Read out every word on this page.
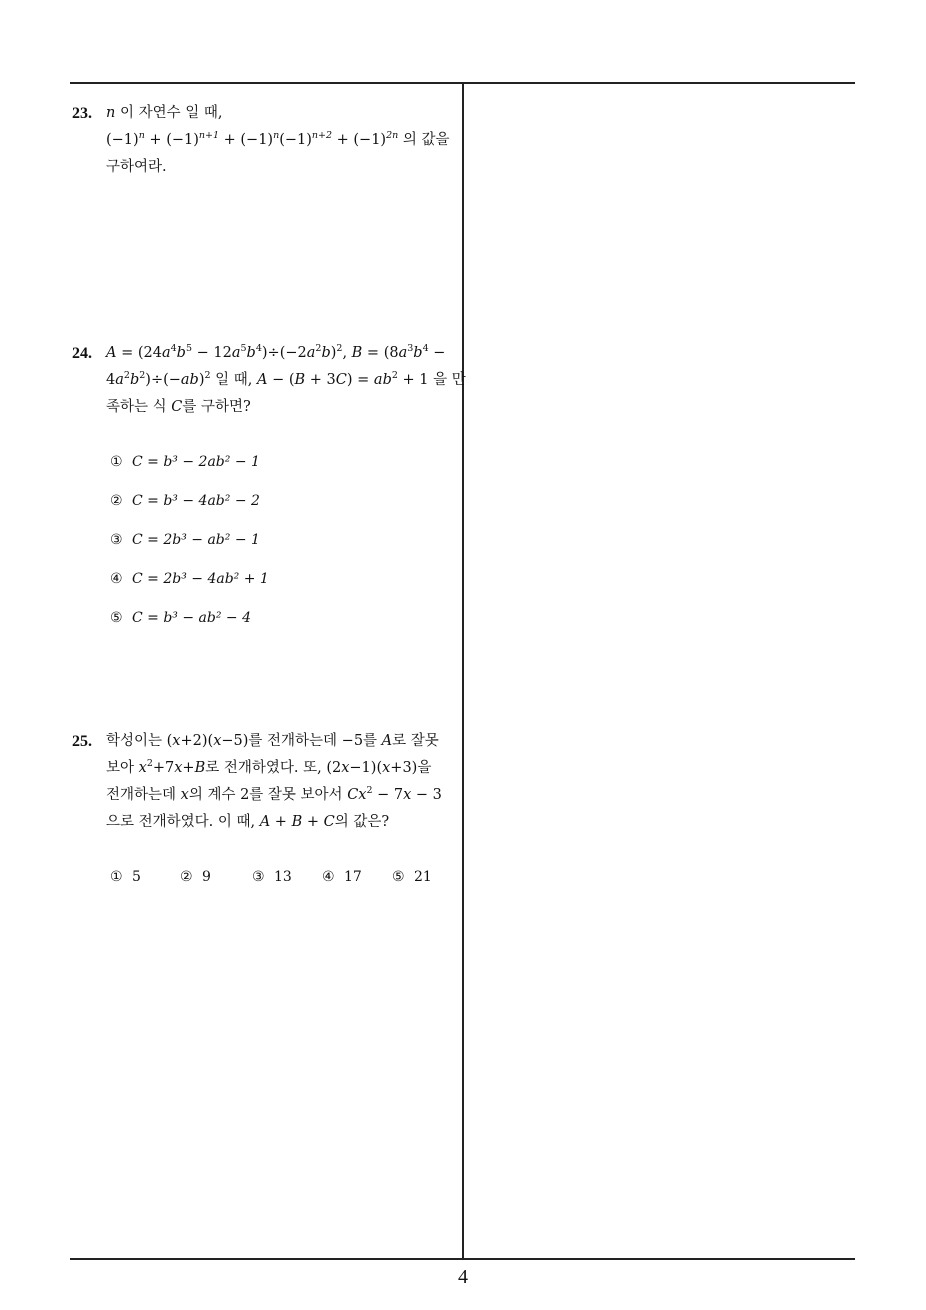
23. n 이 자연수 일 때,
$(-1)^n + (-1)^{n+1} + (-1)^n(-1)^{n+2} + (-1)^{2n}$ 의 값을
구하여라.
24. $A = (24a^4b^5 - 12a^5b^4)\div(-2a^2b)^2$, $B = (8a^3b^4$ −
$4a^2b^2)\div(-ab)^2$ 일 때, $A - (B + 3C) = ab^2 + 1$ 을 만
족하는 식 C를 구하면?
① C = b³ − 2ab² − 1
② C = b³ − 4ab² − 2
③ C = 2b³ − ab² − 1
④ C = 2b³ − 4ab² + 1
⑤ C = b³ − ab² − 4
25. 학성이는 (x+2)(x−5)를 전개하는데 −5를 A로 잘못
보아 $x^2+7x+B$로 전개하였다. 또, (2x−1)(x+3)을
전개하는데 x의 계수 2를 잘못 보아서 $Cx^2 - 7x - 3$
으로 전개하였다. 이 때, A + B + C의 값은?
① 5	② 9	③ 13 ④ 17 ⑤ 21
4
